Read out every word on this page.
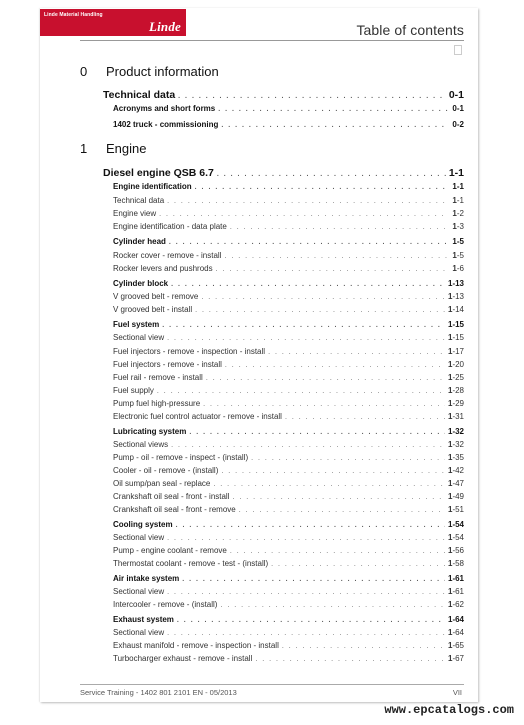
Linde Material Handling
Linde	Table of contents
0 Product information
1 Engine
Technical data . . .	0-1
Acronyms and short forms . . .	0-1
1402 truck - commissioning . . .	0-2
Diesel engine QSB 6.7 . . .	1-1
Engine identification . . .	1-1
Technical data . . .	1-1
Engine view . . .	1-2
Engine identification - data plate . . .	1-3
Cylinder head . . .	1-5
Rocker cover - remove - install . . .	1-5
Rocker levers and pushrods . . .	1-6
Cylinder block . . .	1-13
V grooved belt - remove . . .	1-13
V grooved belt - install . . .	1-14
Fuel system . . .	1-15
Sectional view . . .	1-15
Fuel injectors - remove - inspection - install . . .	1-17
Fuel injectors - remove - install . . .	1-20
Fuel rail - remove - install . . .	1-25
Fuel supply . . .	1-28
Pump fuel high-pressure . . .	1-29
Electronic fuel control actuator - remove - install . . .	1-31
Lubricating system . . .	1-32
Sectional views . . .	1-32
Pump - oil - remove - inspect - (install) . . .	1-35
Cooler - oil - remove - (install) . . .	1-42
Oil sump/pan seal - replace . . .	1-47
Crankshaft oil seal - front - install . . .	1-49
Crankshaft oil seal - front - remove . . .	1-51
Cooling system . . .	1-54
Sectional view . . .	1-54
Pump - engine coolant - remove . . .	1-56
Thermostat coolant - remove - test - (install) . . .	1-58
Air intake system . . .	1-61
Sectional view . . .	1-61
Intercooler - remove - (install) . . .	1-62
Exhaust system . . .	1-64
Sectional view . . .	1-64
Exhaust manifold - remove - inspection - install . . .	1-65
Turbocharger exhaust - remove - install . . .	1-67
Service Training - 1402 801 2101 EN - 05/2013	VII
www.epcatalogs.com
